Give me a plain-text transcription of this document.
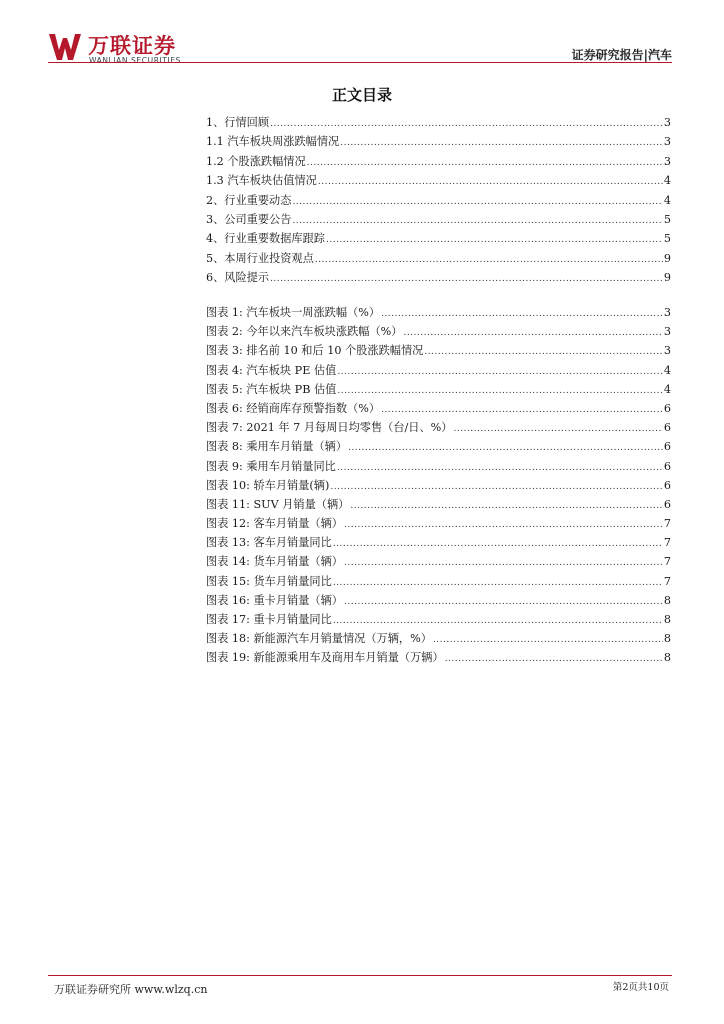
万联证券
WANLIAN SECURITIES	证券研究报告|汽车
正文目录
1、行情回顾 .....	3
1.1 汽车板块周涨跌幅情况 .....	3
1.2 个股涨跌幅情况 .....	3
1.3 汽车板块估值情况 .....	4
2、行业重要动态 .....	4
3、公司重要公告 .....	5
4、行业重要数据库跟踪 .....	5
5、本周行业投资观点 .....	9
6、风险提示 .....	9
图表 1: 汽车板块一周涨跌幅（%） .....	3
图表 2: 今年以来汽车板块涨跌幅（%） .....	3
图表 3: 排名前 10 和后 10 个股涨跌幅情况 .....	3
图表 4: 汽车板块 PE 估值 .....	4
图表 5: 汽车板块 PB 估值 .....	4
图表 6: 经销商库存预警指数（%） .....	6
图表 7: 2021 年 7 月每周日均零售（台/日、%） .....	6
图表 8: 乘用车月销量（辆） .....	6
图表 9: 乘用车月销量同比 .....	6
图表 10: 轿车月销量(辆) .....	6
图表 11: SUV 月销量（辆） .....	6
图表 12: 客车月销量（辆） .....	7
图表 13: 客车月销量同比 .....	7
图表 14: 货车月销量（辆） .....	7
图表 15: 货车月销量同比 .....	7
图表 16: 重卡月销量（辆） .....	8
图表 17: 重卡月销量同比 .....	8
图表 18: 新能源汽车月销量情况（万辆，%） .....	8
图表 19: 新能源乘用车及商用车月销量（万辆） .....	8
万联证券研究所 www.wlzq.cn	第2页共10页
